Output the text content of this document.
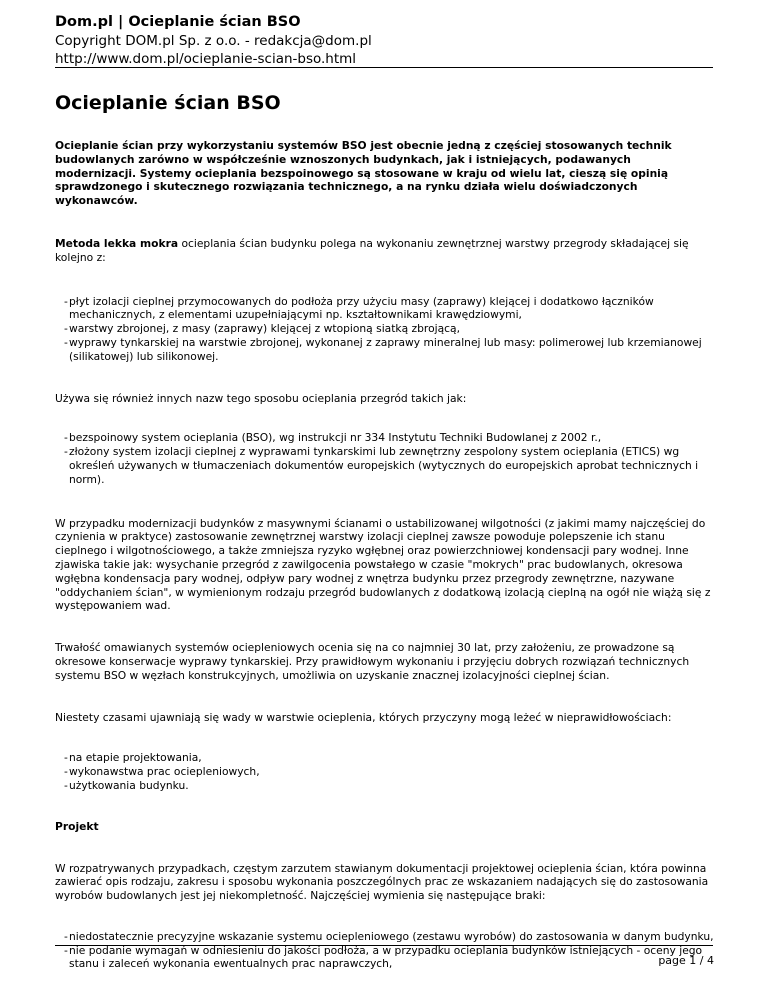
Dom.pl | Ocieplanie ścian BSO
Copyright DOM.pl Sp. z o.o. - redakcja@dom.pl
http://www.dom.pl/ocieplanie-scian-bso.html
Ocieplanie ścian BSO

Ocieplanie ścian przy wykorzystaniu systemów BSO jest obecnie jedną z częściej stosowanych technik budowlanych zarówno w współcześnie wznoszonych budynkach, jak i istniejących, podawanych modernizacji. Systemy ocieplania bezspoinowego są stosowane w kraju od wielu lat, cieszą się opinią sprawdzonego i skutecznego rozwiązania technicznego, a na rynku działa wielu doświadczonych wykonawców.

Metoda lekka mokra ocieplania ścian budynku polega na wykonaniu zewnętrznej warstwy przegrody składającej się kolejno z:

- płyt izolacji cieplnej przymocowanych do podłoża przy użyciu masy (zaprawy) klejącej i dodatkowo łączników mechanicznych, z elementami uzupełniającymi np. kształtownikami krawędziowymi,
- warstwy zbrojonej, z masy (zaprawy) klejącej z wtopioną siatką zbrojącą,
- wyprawy tynkarskiej na warstwie zbrojonej, wykonanej z zaprawy mineralnej lub masy: polimerowej lub krzemianowej (silikatowej) lub silikonowej.

Używa się również innych nazw tego sposobu ocieplania przegród takich jak:

- bezspoinowy system ocieplania (BSO), wg instrukcji nr 334 Instytutu Techniki Budowlanej z 2002 r.,
- złożony system izolacji cieplnej z wyprawami tynkarskimi lub zewnętrzny zespolony system ocieplania (ETICS) wg określeń używanych w tłumaczeniach dokumentów europejskich (wytycznych do europejskich aprobat technicznych i norm).

W przypadku modernizacji budynków z masywnymi ścianami o ustabilizowanej wilgotności (z jakimi mamy najczęściej do czynienia w praktyce) zastosowanie zewnętrznej warstwy izolacji cieplnej zawsze powoduje polepszenie ich stanu cieplnego i wilgotnościowego, a także zmniejsza ryzyko wgłębnej oraz powierzchniowej kondensacji pary wodnej. Inne zjawiska takie jak: wysychanie przegród z zawilgocenia powstałego w czasie "mokrych" prac budowlanych, okresowa wgłębna kondensacja pary wodnej, odpływ pary wodnej z wnętrza budynku przez przegrody zewnętrzne, nazywane "oddychaniem ścian", w wymienionym rodzaju przegród budowlanych z dodatkową izolacją cieplną na ogół nie wiążą się z występowaniem wad.

Trwałość omawianych systemów ociepleniowych ocenia się na co najmniej 30 lat, przy założeniu, ze prowadzone są okresowe konserwacje wyprawy tynkarskiej. Przy prawidłowym wykonaniu i przyjęciu dobrych rozwiązań technicznych systemu BSO w węzłach konstrukcyjnych, umożliwia on uzyskanie znacznej izolacyjności cieplnej ścian.

Niestety czasami ujawniają się wady w warstwie ocieplenia, których przyczyny mogą leżeć w nieprawidłowościach:

- na etapie projektowania,
- wykonawstwa prac ociepleniowych,
- użytkowania budynku.

Projekt

W rozpatrywanych przypadkach, częstym zarzutem stawianym dokumentacji projektowej ocieplenia ścian, która powinna zawierać opis rodzaju, zakresu i sposobu wykonania poszczególnych prac ze wskazaniem nadających się do zastosowania wyrobów budowlanych jest jej niekompletność. Najczęściej wymienia się następujące braki:

- niedostatecznie precyzyjne wskazanie systemu ociepleniowego (zestawu wyrobów) do zastosowania w danym budynku,
- nie podanie wymagań w odniesieniu do jakości podłoża, a w przypadku ocieplania budynków istniejących - oceny jego stanu i zaleceń wykonania ewentualnych prac naprawczych,	page 1 / 4
